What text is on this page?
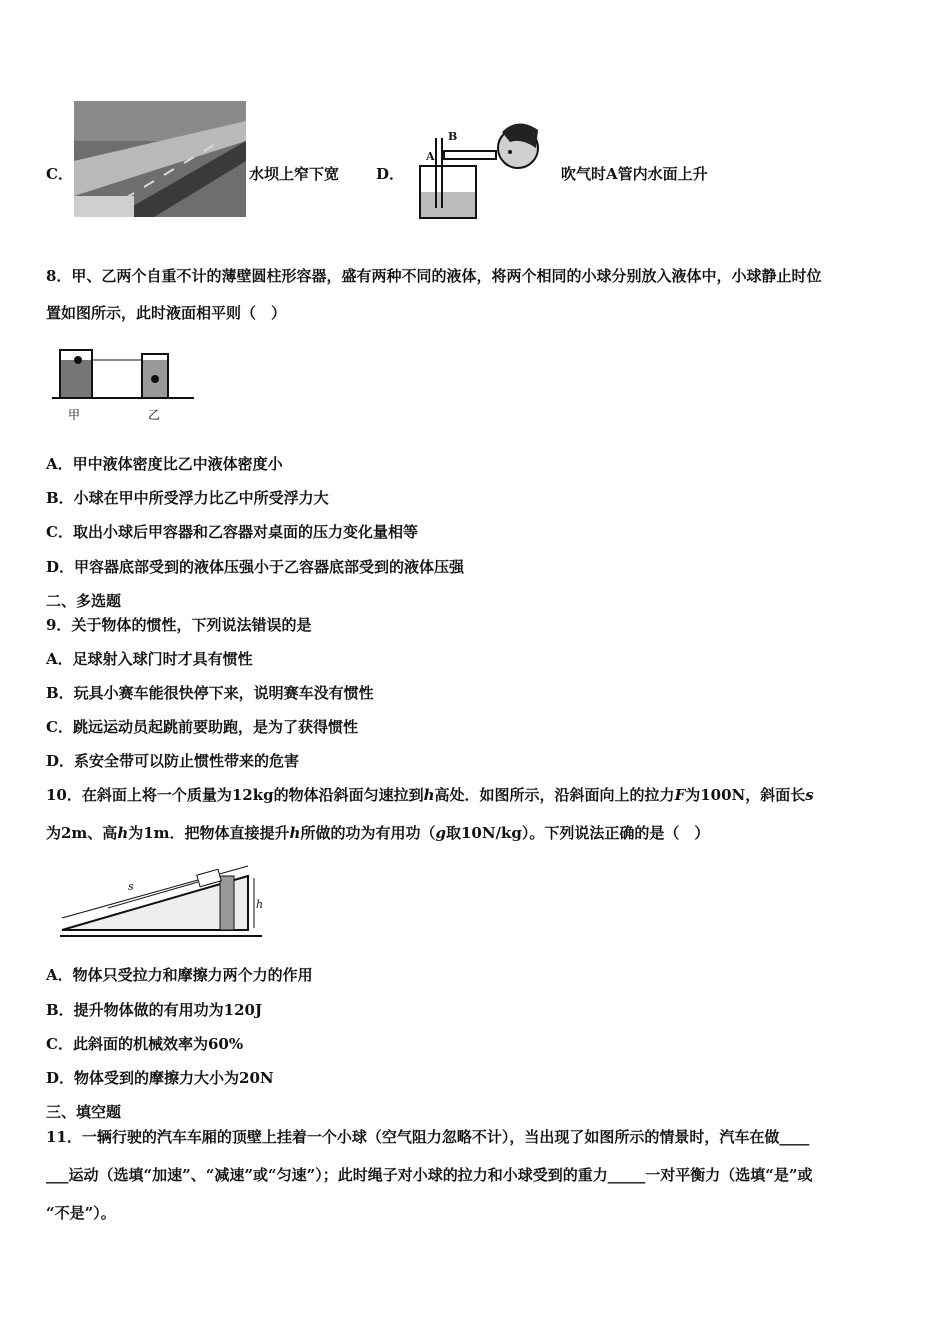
C．	水坝上窄下宽 D．
A
B
吹气时A管内水面上升
8．甲、乙两个自重不计的薄壁圆柱形容器，盛有两种不同的液体，将两个相同的小球分别放入液体中，小球静止时位
置如图所示，此时液面相平则（　）
甲	乙
A．甲中液体密度比乙中液体密度小
B．小球在甲中所受浮力比乙中所受浮力大
C．取出小球后甲容器和乙容器对桌面的压力变化量相等
D．甲容器底部受到的液体压强小于乙容器底部受到的液体压强
二、多选题
9．关于物体的惯性，下列说法错误的是
A．足球射入球门时才具有惯性
B．玩具小赛车能很快停下来，说明赛车没有惯性
C．跳远运动员起跳前要助跑，是为了获得惯性
D．系安全带可以防止惯性带来的危害
10．在斜面上将一个质量为12kg的物体沿斜面匀速拉到h高处．如图所示，沿斜面向上的拉力F为100N，斜面长s
为2m、高h为1m．把物体直接提升h所做的功为有用功（g取10N/kg）。下列说法正确的是（　）
s
h
A．物体只受拉力和摩擦力两个力的作用
B．提升物体做的有用功为120J
C．此斜面的机械效率为60%
D．物体受到的摩擦力大小为20N
三、填空题
11．一辆行驶的汽车车厢的顶壁上挂着一个小球（空气阻力忽略不计），当出现了如图所示的情景时，汽车在做____
___运动（选填“加速”、“减速”或“匀速”）；此时绳子对小球的拉力和小球受到的重力_____一对平衡力（选填“是”或
“不是”）。
